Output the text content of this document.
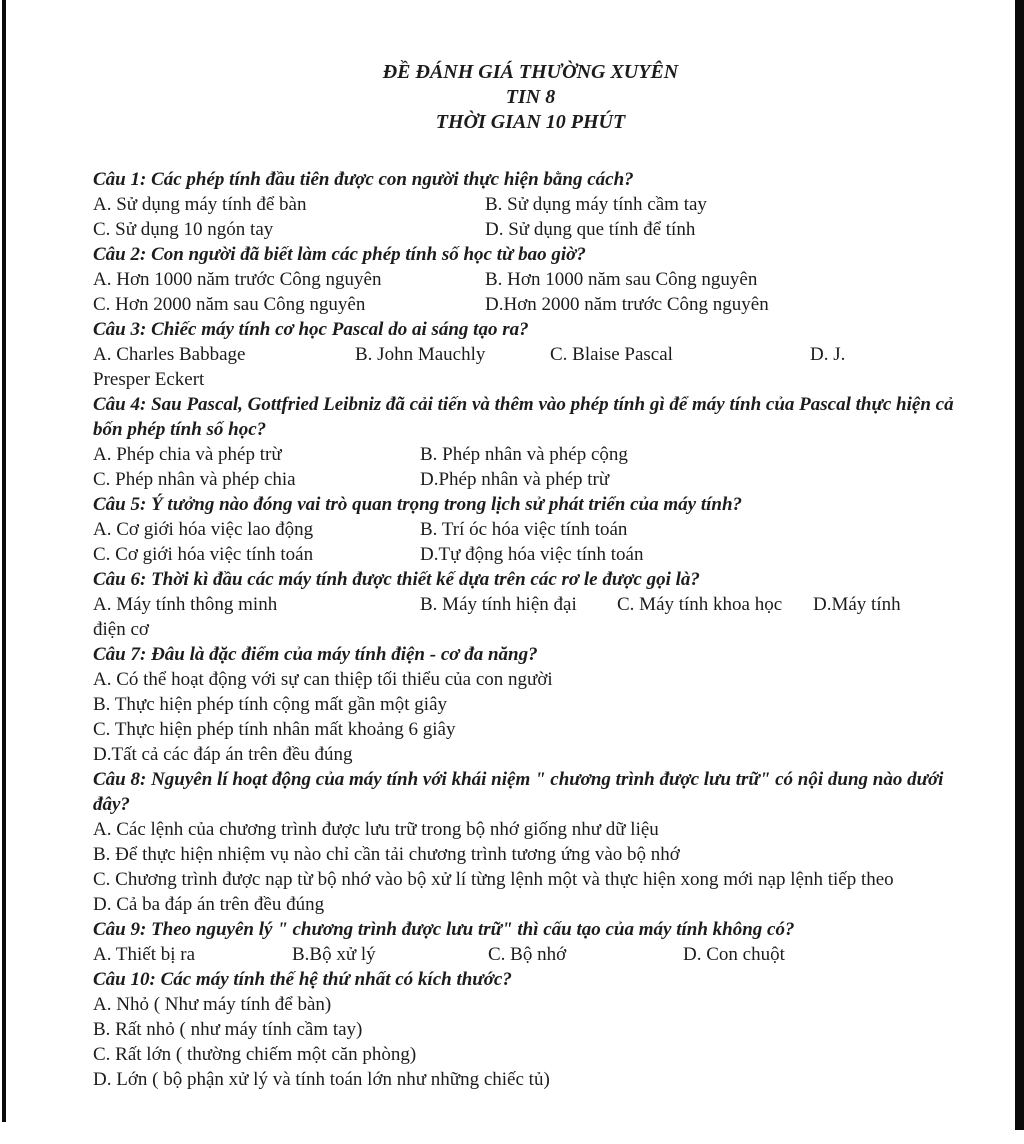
ĐỀ ĐÁNH GIÁ THƯỜNG XUYÊN
TIN 8
THỜI GIAN 10 PHÚT
Câu 1: Các phép tính đầu tiên được con người thực hiện bằng cách?
A. Sử dụng máy tính để bàn	B. Sử dụng máy tính cầm tay
C. Sử dụng 10 ngón tay	D. Sử dụng que tính để tính
Câu 2: Con người đã biết làm các phép tính số học từ bao giờ?
A. Hơn 1000 năm trước Công nguyên	B. Hơn 1000 năm sau Công nguyên
C. Hơn 2000 năm sau Công nguyên	D.Hơn 2000 năm trước Công nguyên
Câu 3: Chiếc máy tính cơ học Pascal do ai sáng tạo ra?
A. Charles Babbage	B. John Mauchly	C. Blaise Pascal	D. J.
Presper Eckert
Câu 4: Sau Pascal, Gottfried Leibniz đã cải tiến và thêm vào phép tính gì để máy tính của Pascal thực hiện cả bốn phép tính số học?
A. Phép chia và phép trừ	B. Phép nhân và phép cộng
C. Phép nhân và phép chia	D.Phép nhân và phép trừ
Câu 5: Ý tưởng nào đóng vai trò quan trọng trong lịch sử phát triển của máy tính?
A. Cơ giới hóa việc lao động	B. Trí óc hóa việc tính toán
C. Cơ giới hóa việc tính toán	D.Tự động hóa việc tính toán
Câu 6: Thời kì đầu các máy tính được thiết kế dựa trên các rơ le được gọi là?
A. Máy tính thông minh	B. Máy tính hiện đại	C. Máy tính khoa học	D.Máy tính
điện cơ
Câu 7: Đâu là đặc điểm của máy tính điện - cơ đa năng?
A. Có thể hoạt động với sự can thiệp tối thiểu của con người
B. Thực hiện phép tính cộng mất gần một giây
C. Thực hiện phép tính nhân mất khoảng 6 giây
D.Tất cả các đáp án trên đều đúng
Câu 8: Nguyên lí hoạt động của máy tính với khái niệm " chương trình được lưu trữ" có nội dung nào dưới đây?
A. Các lệnh của chương trình được lưu trữ trong bộ nhớ giống như dữ liệu
B. Để thực hiện nhiệm vụ nào chỉ cần tải chương trình tương ứng vào bộ nhớ
C. Chương trình được nạp từ bộ nhớ vào bộ xử lí từng lệnh một và thực hiện xong mới nạp lệnh tiếp theo
D. Cả ba đáp án trên đều đúng
Câu 9: Theo nguyên lý " chương trình được lưu trữ" thì cấu tạo của máy tính không có?
A. Thiết bị ra	B.Bộ xử lý	C. Bộ nhớ	D. Con chuột
Câu 10: Các máy tính thế hệ thứ nhất có kích thước?
A. Nhỏ ( Như máy tính để bàn)
B. Rất nhỏ ( như máy tính cầm tay)
C. Rất lớn ( thường chiếm một căn phòng)
D. Lớn ( bộ phận xử lý và tính toán lớn như những chiếc tủ)
